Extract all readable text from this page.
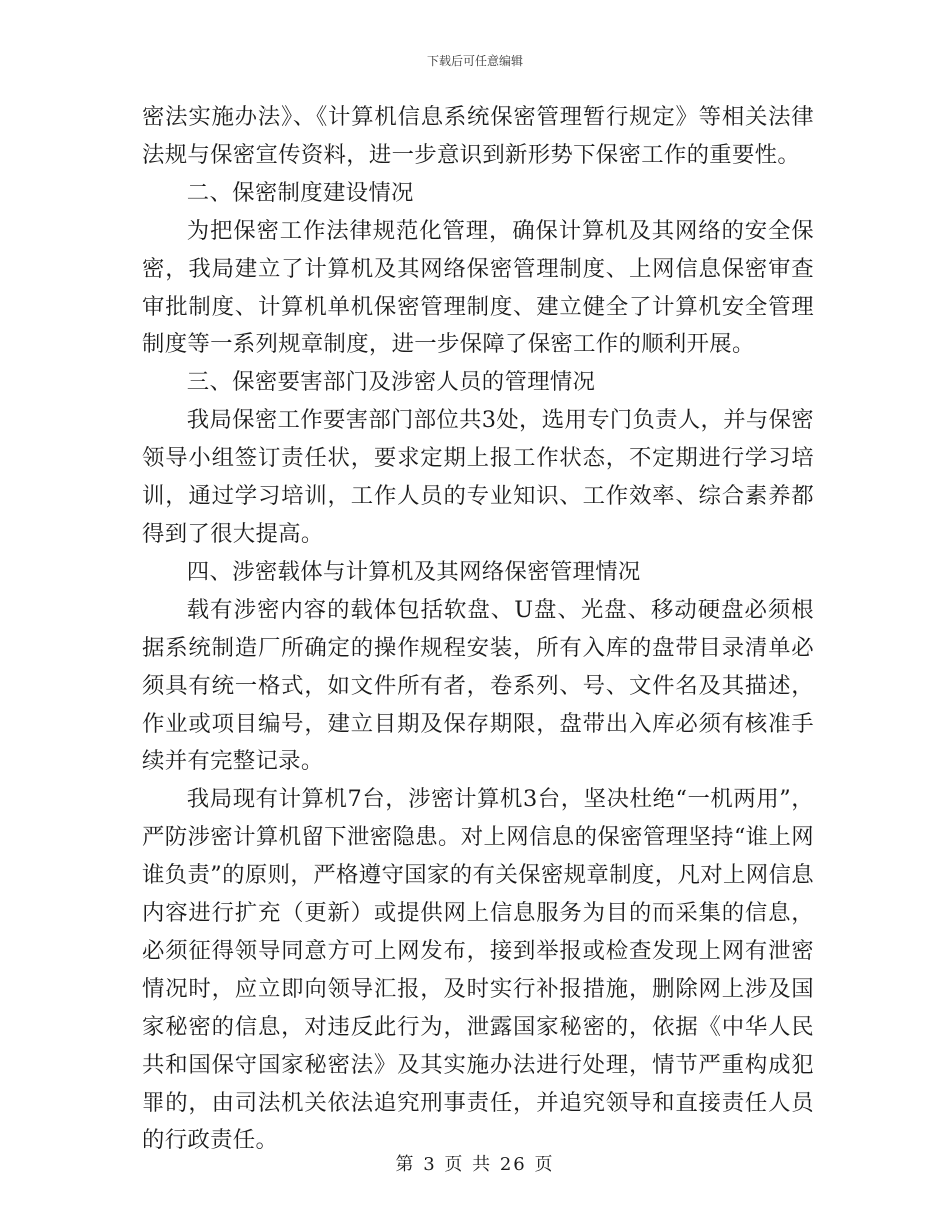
下载后可任意编辑

密法实施办法》、《计算机信息系统保密管理暂行规定》等相关法律法规与保密宣传资料，进一步意识到新形势下保密工作的重要性。

二、保密制度建设情况

为把保密工作法律规范化管理，确保计算机及其网络的安全保密，我局建立了计算机及其网络保密管理制度、上网信息保密审查审批制度、计算机单机保密管理制度、建立健全了计算机安全管理制度等一系列规章制度，进一步保障了保密工作的顺利开展。

三、保密要害部门及涉密人员的管理情况

我局保密工作要害部门部位共3处，选用专门负责人，并与保密领导小组签订责任状，要求定期上报工作状态，不定期进行学习培训，通过学习培训，工作人员的专业知识、工作效率、综合素养都得到了很大提高。

四、涉密载体与计算机及其网络保密管理情况

载有涉密内容的载体包括软盘、U盘、光盘、移动硬盘必须根据系统制造厂所确定的操作规程安装，所有入库的盘带目录清单必须具有统一格式，如文件所有者，卷系列、号、文件名及其描述，作业或项目编号，建立目期及保存期限，盘带出入库必须有核准手续并有完整记录。

我局现有计算机7台，涉密计算机3台，坚决杜绝“一机两用”，严防涉密计算机留下泄密隐患。对上网信息的保密管理坚持“谁上网谁负责”的原则，严格遵守国家的有关保密规章制度，凡对上网信息内容进行扩充（更新）或提供网上信息服务为目的而采集的信息，必须征得领导同意方可上网发布，接到举报或检查发现上网有泄密情况时，应立即向领导汇报，及时实行补报措施，删除网上涉及国家秘密的信息，对违反此行为，泄露国家秘密的，依据《中华人民共和国保守国家秘密法》及其实施办法进行处理，情节严重构成犯罪的，由司法机关依法追究刑事责任，并追究领导和直接责任人员的行政责任。

第 3 页 共 26 页
